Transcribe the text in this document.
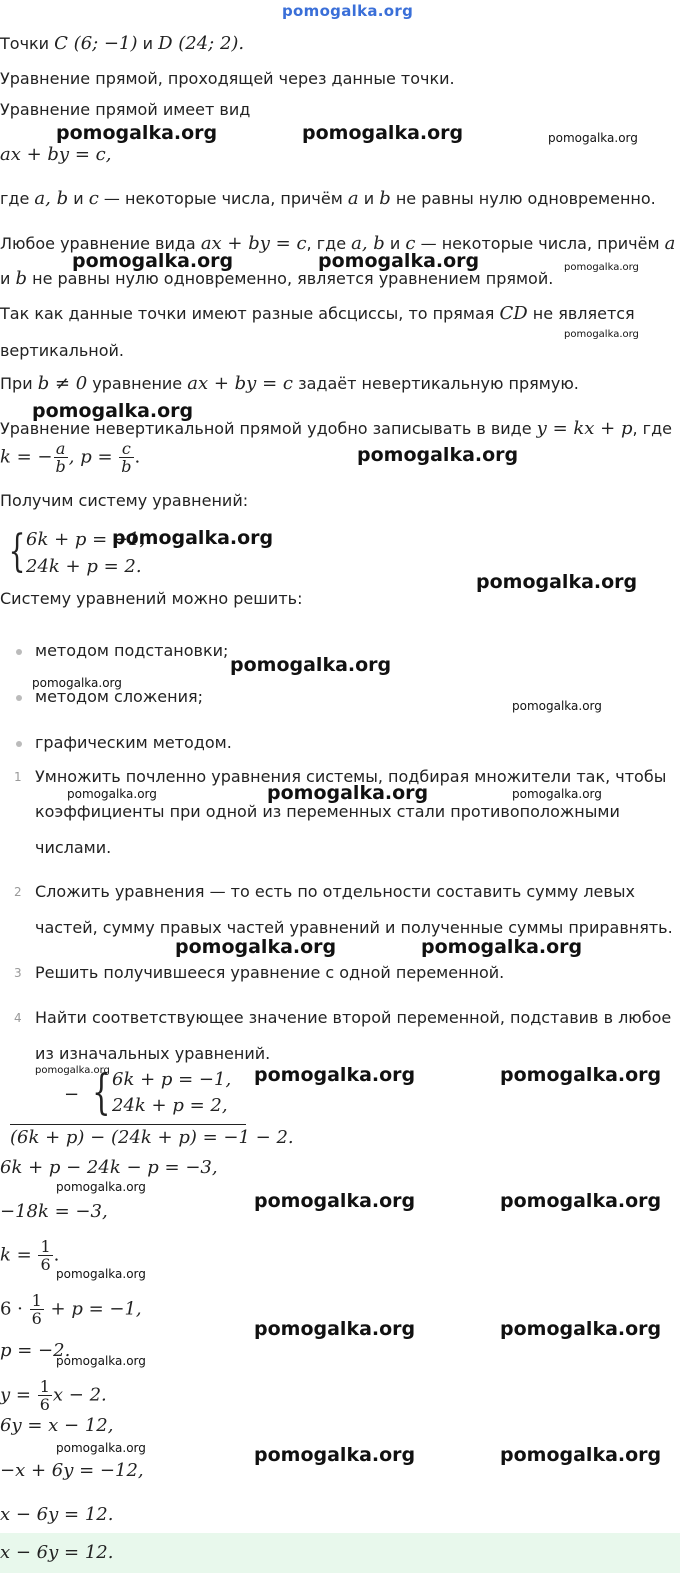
pomogalka.org
Точки C (6; −1) и D (24; 2).
Уравнение прямой, проходящей через данные точки.
Уравнение прямой имеет вид
ax + by = c,
где a, b и c — некоторые числа, причём a и b не равны нулю одновременно.
Любое уравнение вида ax + by = c, где a, b и c — некоторые числа, причём a
и b не равны нулю одновременно, является уравнением прямой.
Так как данные точки имеют разные абсциссы, то прямая CD не является
вертикальной.
При b ≠ 0 уравнение ax + by = c задаёт невертикальную прямую.
Уравнение невертикальной прямой удобно записывать в виде y = kx + p, где
k = − $\frac{a}{b}$ , $p = \frac{c}{b}$ .
Получим систему уравнений:
{ 6k + p = −1,
24k + p = 2.
Систему уравнений можно решить:
методом подстановки;
методом сложения;
графическим методом.
1 Умножить почленно уравнения системы, подбирая множители так, чтобы
коэффициенты при одной из переменных стали противоположными
числами.
2 Сложить уравнения — то есть по отдельности составить сумму левых
частей, сумму правых частей уравнений и полученные суммы приравнять.
3 Решить получившееся уравнение с одной переменной.
4 Найти соответствующее значение второй переменной, подставив в любое
из изначальных уравнений.
− { 6k + p = −1,
24k + p = 2,
(6k + p) − (24k + p) = −1 − 2.
6k + p − 24k − p = −3,
−18k = −3,
$k = \frac{1}{6}$ .
$6 \cdot \frac{1}{6} + p = -1$,
p = −2.
$y = \frac{1}{6}$ x − 2.
6y = x − 12,
−x + 6y = −12,
x − 6y = 12.
x − 6y = 12.
pomogalka.org	pomogalka.org	pomogalka.org
pomogalka.org	pomogalka.org	pomogalka.org
pomogalka.org
pomogalka.org
pomogalka.org
pomogalka.org
pomogalka.org
pomogalka.org
pomogalka.org
pomogalka.org
pomogalka.org	pomogalka.org	pomogalka.org
pomogalka.org	pomogalka.org
pomogalka.org	pomogalka.org	pomogalka.org
pomogalka.org
pomogalka.org	pomogalka.org
pomogalka.org
pomogalka.org	pomogalka.org
pomogalka.org
pomogalka.org	pomogalka.org	pomogalka.org
